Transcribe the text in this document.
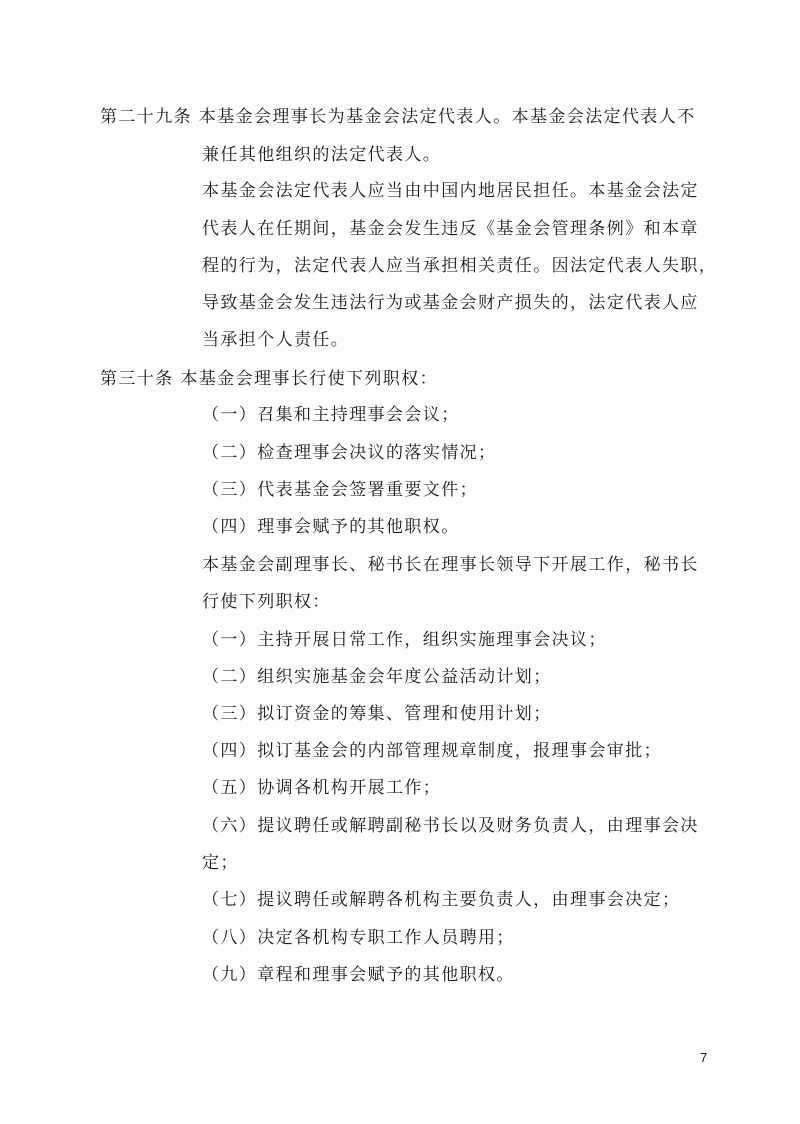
第二十九条 本基金会理事长为基金会法定代表人。本基金会法定代表人不
兼任其他组织的法定代表人。
本基金会法定代表人应当由中国内地居民担任。本基金会法定
代表人在任期间，基金会发生违反《基金会管理条例》和本章
程的行为，法定代表人应当承担相关责任。因法定代表人失职，
导致基金会发生违法行为或基金会财产损失的，法定代表人应
当承担个人责任。
第三十条 本基金会理事长行使下列职权：
（一）召集和主持理事会会议；
（二）检查理事会决议的落实情况；
（三）代表基金会签署重要文件；
（四）理事会赋予的其他职权。
本基金会副理事长、秘书长在理事长领导下开展工作，秘书长
行使下列职权：
（一）主持开展日常工作，组织实施理事会决议；
（二）组织实施基金会年度公益活动计划；
（三）拟订资金的筹集、管理和使用计划；
（四）拟订基金会的内部管理规章制度，报理事会审批；
（五）协调各机构开展工作；
（六）提议聘任或解聘副秘书长以及财务负责人，由理事会决
定；
（七）提议聘任或解聘各机构主要负责人，由理事会决定；
（八）决定各机构专职工作人员聘用；
（九）章程和理事会赋予的其他职权。
7
